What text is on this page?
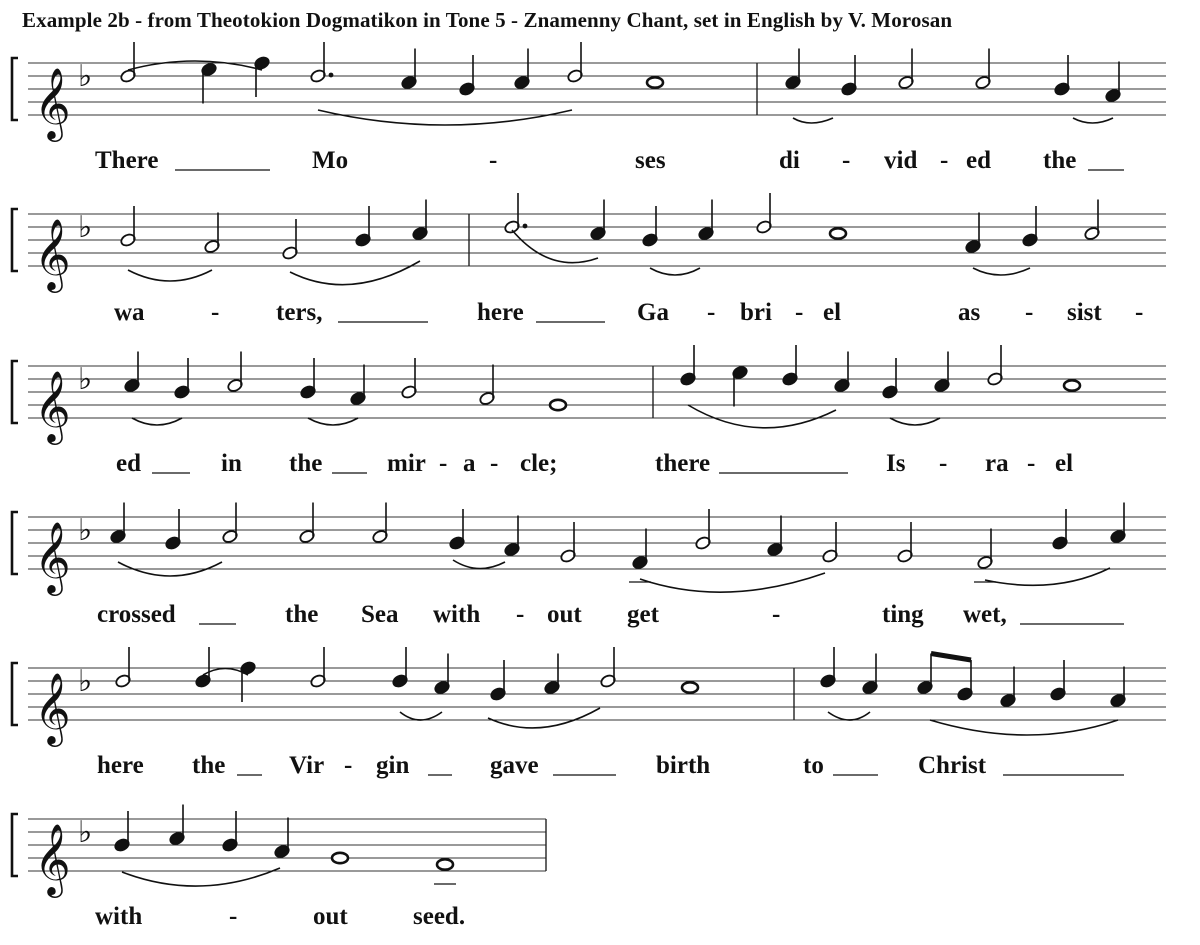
Example 2b - from Theotokion Dogmatikon in Tone 5 - Znamenny Chant, set in English by V. Morosan
𝄞 ♭
There	Mo	-	ses	di - vid - ed the
𝄞 ♭
wa	- ters,	here	Ga - bri - el	as - sist -
𝄞 ♭
ed	in the	mir - a - cle;	there	Is - ra - el
𝄞 ♭
crossed	the Sea with - out get	-	ting wet,
𝄞 ♭
here the	Vir - gin	gave	birth	to	Christ
𝄞 ♭
with	-	out	seed.
